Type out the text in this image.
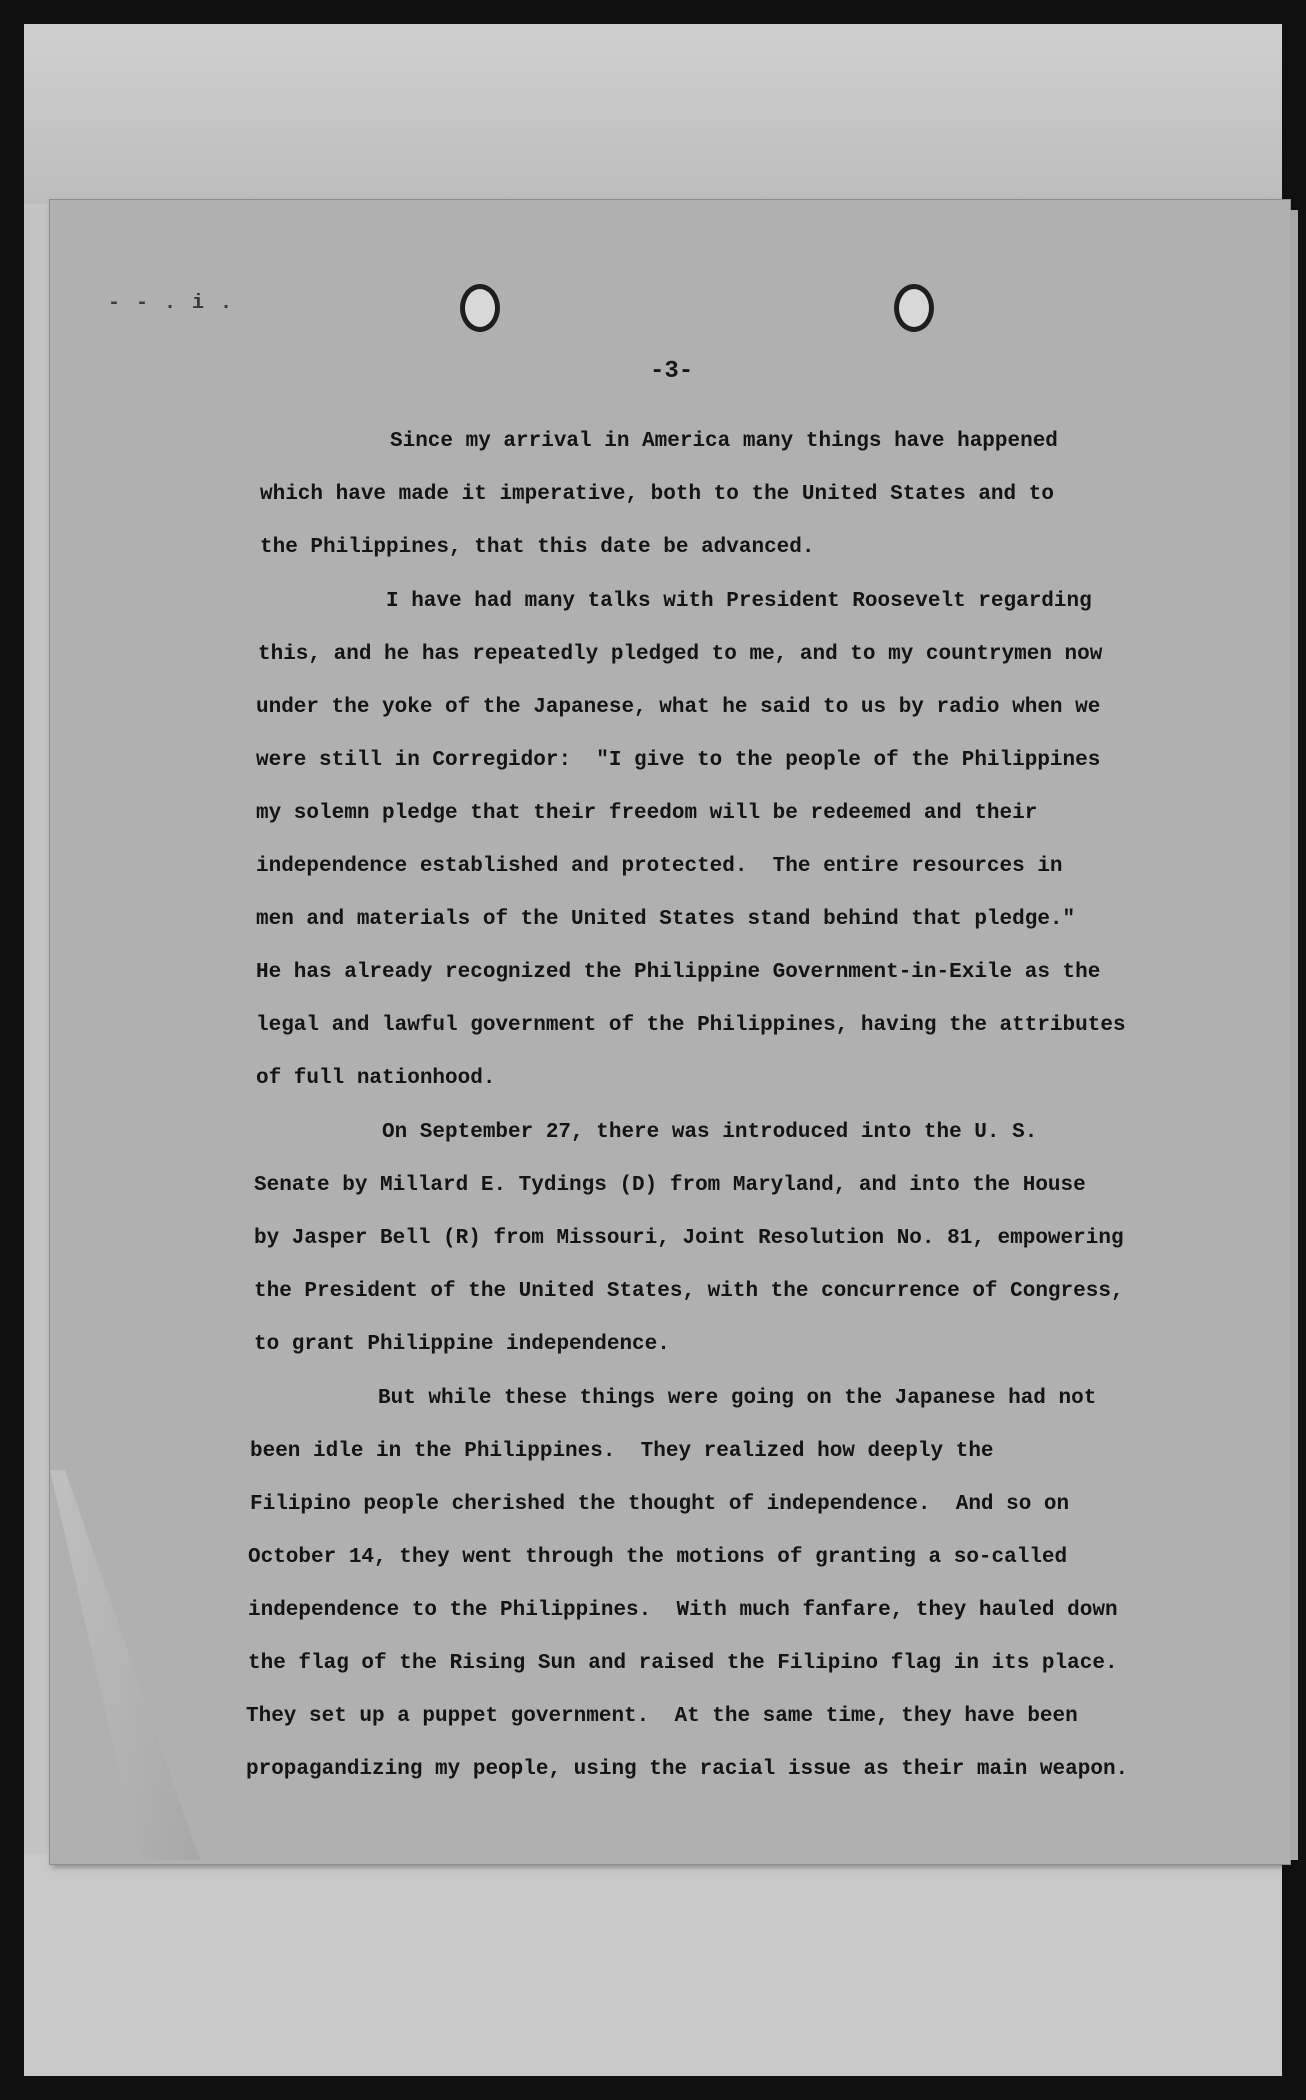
- - . i .
-3-
Since my arrival in America many things have happened
which have made it imperative, both to the United States and to
the Philippines, that this date be advanced.
I have had many talks with President Roosevelt regarding
this, and he has repeatedly pledged to me, and to my countrymen now
under the yoke of the Japanese, what he said to us by radio when we
were still in Corregidor:  "I give to the people of the Philippines
my solemn pledge that their freedom will be redeemed and their
independence established and protected.  The entire resources in
men and materials of the United States stand behind that pledge."
He has already recognized the Philippine Government-in-Exile as the
legal and lawful government of the Philippines, having the attributes
of full nationhood.
On September 27, there was introduced into the U. S.
Senate by Millard E. Tydings (D) from Maryland, and into the House
by Jasper Bell (R) from Missouri, Joint Resolution No. 81, empowering
the President of the United States, with the concurrence of Congress,
to grant Philippine independence.
But while these things were going on the Japanese had not
been idle in the Philippines.  They realized how deeply the
Filipino people cherished the thought of independence.  And so on
October 14, they went through the motions of granting a so-called
independence to the Philippines.  With much fanfare, they hauled down
the flag of the Rising Sun and raised the Filipino flag in its place.
They set up a puppet government.  At the same time, they have been
propagandizing my people, using the racial issue as their main weapon.
